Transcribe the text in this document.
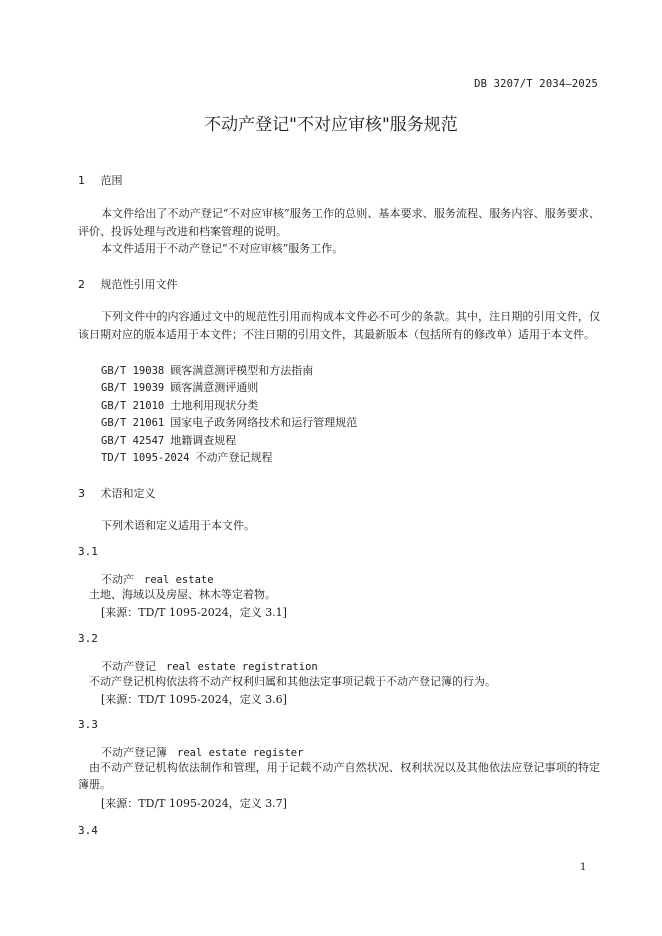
DB 3207/T 2034—2025
不动产登记"不对应审核"服务规范
1 范围
本文件给出了不动产登记“不对应审核”服务工作的总则、基本要求、服务流程、服务内容、服务要求、评价、投诉处理与改进和档案管理的说明。
本文件适用于不动产登记“不对应审核”服务工作。
2 规范性引用文件
下列文件中的内容通过文中的规范性引用而构成本文件必不可少的条款。其中，注日期的引用文件，仅该日期对应的版本适用于本文件；不注日期的引用文件，其最新版本（包括所有的修改单）适用于本文件。
GB/T 19038 顾客满意测评模型和方法指南
GB/T 19039 顾客满意测评通则
GB/T 21010 土地利用现状分类
GB/T 21061 国家电子政务网络技术和运行管理规范
GB/T 42547 地籍调查规程
TD/T 1095-2024 不动产登记规程
3 术语和定义
下列术语和定义适用于本文件。
3.1
不动产 real estate
土地、海域以及房屋、林木等定着物。
[来源：TD/T 1095-2024，定义 3.1]
3.2
不动产登记 real estate registration
不动产登记机构依法将不动产权利归属和其他法定事项记载于不动产登记簿的行为。
[来源：TD/T 1095-2024，定义 3.6]
3.3
不动产登记簿 real estate register
由不动产登记机构依法制作和管理，用于记载不动产自然状况、权利状况以及其他依法应登记事项的特定簿册。
[来源：TD/T 1095-2024，定义 3.7]
3.4
1
